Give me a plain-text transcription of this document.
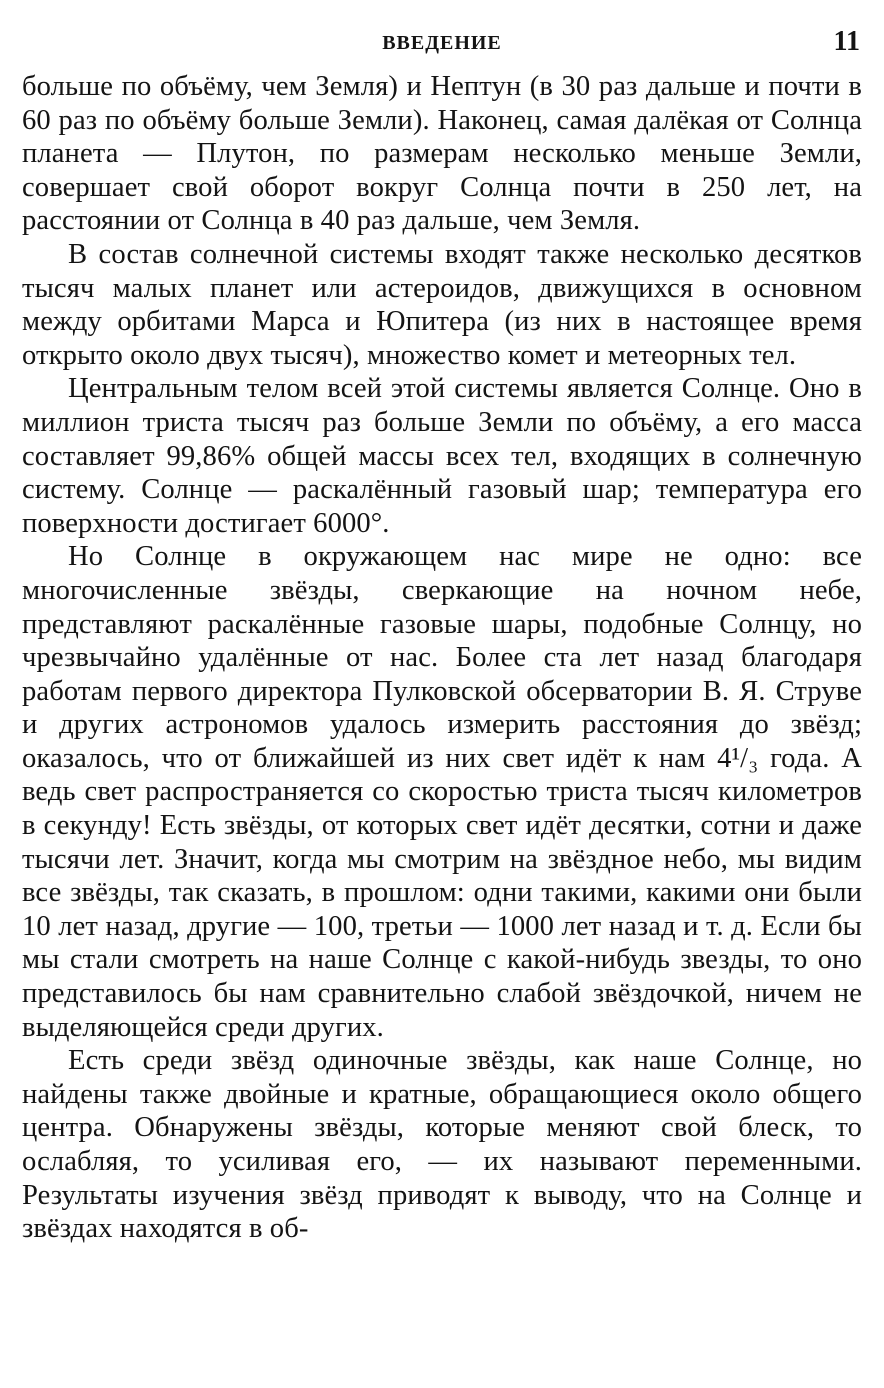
ВВЕДЕНИЕ	11

больше по объёму, чем Земля) и Нептун (в 30 раз дальше и почти в 60 раз по объёму больше Земли). Наконец, самая далёкая от Солнца планета — Плутон, по размерам несколько меньше Земли, совершает свой оборот вокруг Солнца почти в 250 лет, на расстоянии от Солнца в 40 раз дальше, чем Земля.

В состав солнечной системы входят также несколько десятков тысяч малых планет или астероидов, движущихся в основном между орбитами Марса и Юпитера (из них в настоящее время открыто около двух тысяч), множество комет и метеорных тел.

Центральным телом всей этой системы является Солнце. Оно в миллион триста тысяч раз больше Земли по объёму, а его масса составляет 99,86% общей массы всех тел, входящих в солнечную систему. Солнце — раскалённый газовый шар; температура его поверхности достигает 6000°.

Но Солнце в окружающем нас мире не одно: все многочисленные звёзды, сверкающие на ночном небе, представляют раскалённые газовые шары, подобные Солнцу, но чрезвычайно удалённые от нас. Более ста лет назад благодаря работам первого директора Пулковской обсерватории В. Я. Струве и других астрономов удалось измерить расстояния до звёзд; оказалось, что от ближайшей из них свет идёт к нам 4¹/₃ года. А ведь свет распространяется со скоростью триста тысяч километров в секунду! Есть звёзды, от которых свет идёт десятки, сотни и даже тысячи лет. Значит, когда мы смотрим на звёздное небо, мы видим все звёзды, так сказать, в прошлом: одни такими, какими они были 10 лет назад, другие — 100, третьи — 1000 лет назад и т. д. Если бы мы стали смотреть на наше Солнце с какой-нибудь звезды, то оно представилось бы нам сравнительно слабой звёздочкой, ничем не выделяющейся среди других.

Есть среди звёзд одиночные звёзды, как наше Солнце, но найдены также двойные и кратные, обращающиеся около общего центра. Обнаружены звёзды, которые меняют свой блеск, то ослабляя, то усиливая его, — их называют переменными. Результаты изучения звёзд приводят к выводу, что на Солнце и звёздах находятся в об-
